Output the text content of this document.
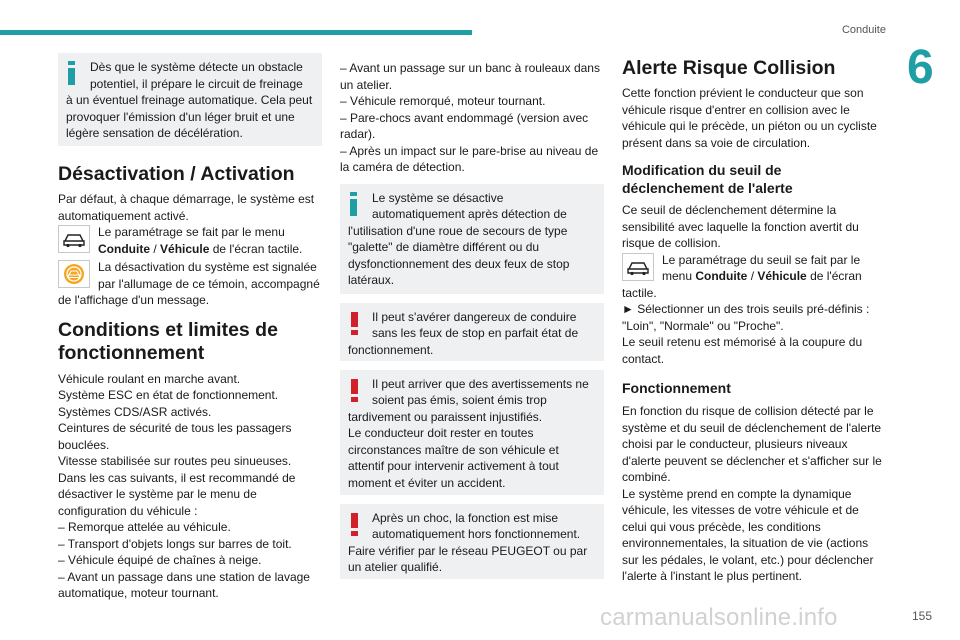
Conduite
6
Dès que le système détecte un obstacle potentiel, il prépare le circuit de freinage
à un éventuel freinage automatique. Cela peut provoquer l'émission d'un léger bruit et une légère sensation de décélération.
Désactivation / Activation
Par défaut, à chaque démarrage, le système est automatiquement activé.
Le paramétrage se fait par le menu Conduite / Véhicule de l'écran tactile.
La désactivation du système est signalée par l'allumage de ce témoin, accompagné
de l'affichage d'un message.
Conditions et limites de fonctionnement
Véhicule roulant en marche avant.
Système ESC en état de fonctionnement.
Systèmes CDS/ASR activés.
Ceintures de sécurité de tous les passagers bouclées.
Vitesse stabilisée sur routes peu sinueuses.
Dans les cas suivants, il est recommandé de désactiver le système par le menu de configuration du véhicule :
– Remorque attelée au véhicule.
– Transport d'objets longs sur barres de toit.
– Véhicule équipé de chaînes à neige.
– Avant un passage dans une station de lavage automatique, moteur tournant.
– Avant un passage sur un banc à rouleaux dans un atelier.
– Véhicule remorqué, moteur tournant.
– Pare-chocs avant endommagé (version avec radar).
– Après un impact sur le pare-brise au niveau de la caméra de détection.
Le système se désactive automatiquement après détection de
l'utilisation d'une roue de secours de type "galette" de diamètre différent ou du dysfonctionnement des deux feux de stop latéraux.
Il peut s'avérer dangereux de conduire sans les feux de stop en parfait état de
fonctionnement.
Il peut arriver que des avertissements ne soient pas émis, soient émis trop
tardivement ou paraissent injustifiés.
Le conducteur doit rester en toutes circonstances maître de son véhicule et attentif pour intervenir activement à tout moment et éviter un accident.
Après un choc, la fonction est mise automatiquement hors fonctionnement.
Faire vérifier par le réseau PEUGEOT ou par un atelier qualifié.
Alerte Risque Collision
Cette fonction prévient le conducteur que son véhicule risque d'entrer en collision avec le véhicule qui le précède, un piéton ou un cycliste présent dans sa voie de circulation.
Modification du seuil de déclenchement de l'alerte
Ce seuil de déclenchement détermine la sensibilité avec laquelle la fonction avertit du risque de collision.
Le paramétrage du seuil se fait par le menu Conduite / Véhicule de l'écran
tactile.
► Sélectionner un des trois seuils pré-définis : "Loin", "Normale" ou "Proche".
Le seuil retenu est mémorisé à la coupure du contact.
Fonctionnement
En fonction du risque de collision détecté par le système et du seuil de déclenchement de l'alerte choisi par le conducteur, plusieurs niveaux d'alerte peuvent se déclencher et s'afficher sur le combiné.
Le système prend en compte la dynamique véhicule, les vitesses de votre véhicule et de celui qui vous précède, les conditions environnementales, la situation de vie (actions sur les pédales, le volant, etc.) pour déclencher l'alerte à l'instant le plus pertinent.
155
carmanualsonline.info
